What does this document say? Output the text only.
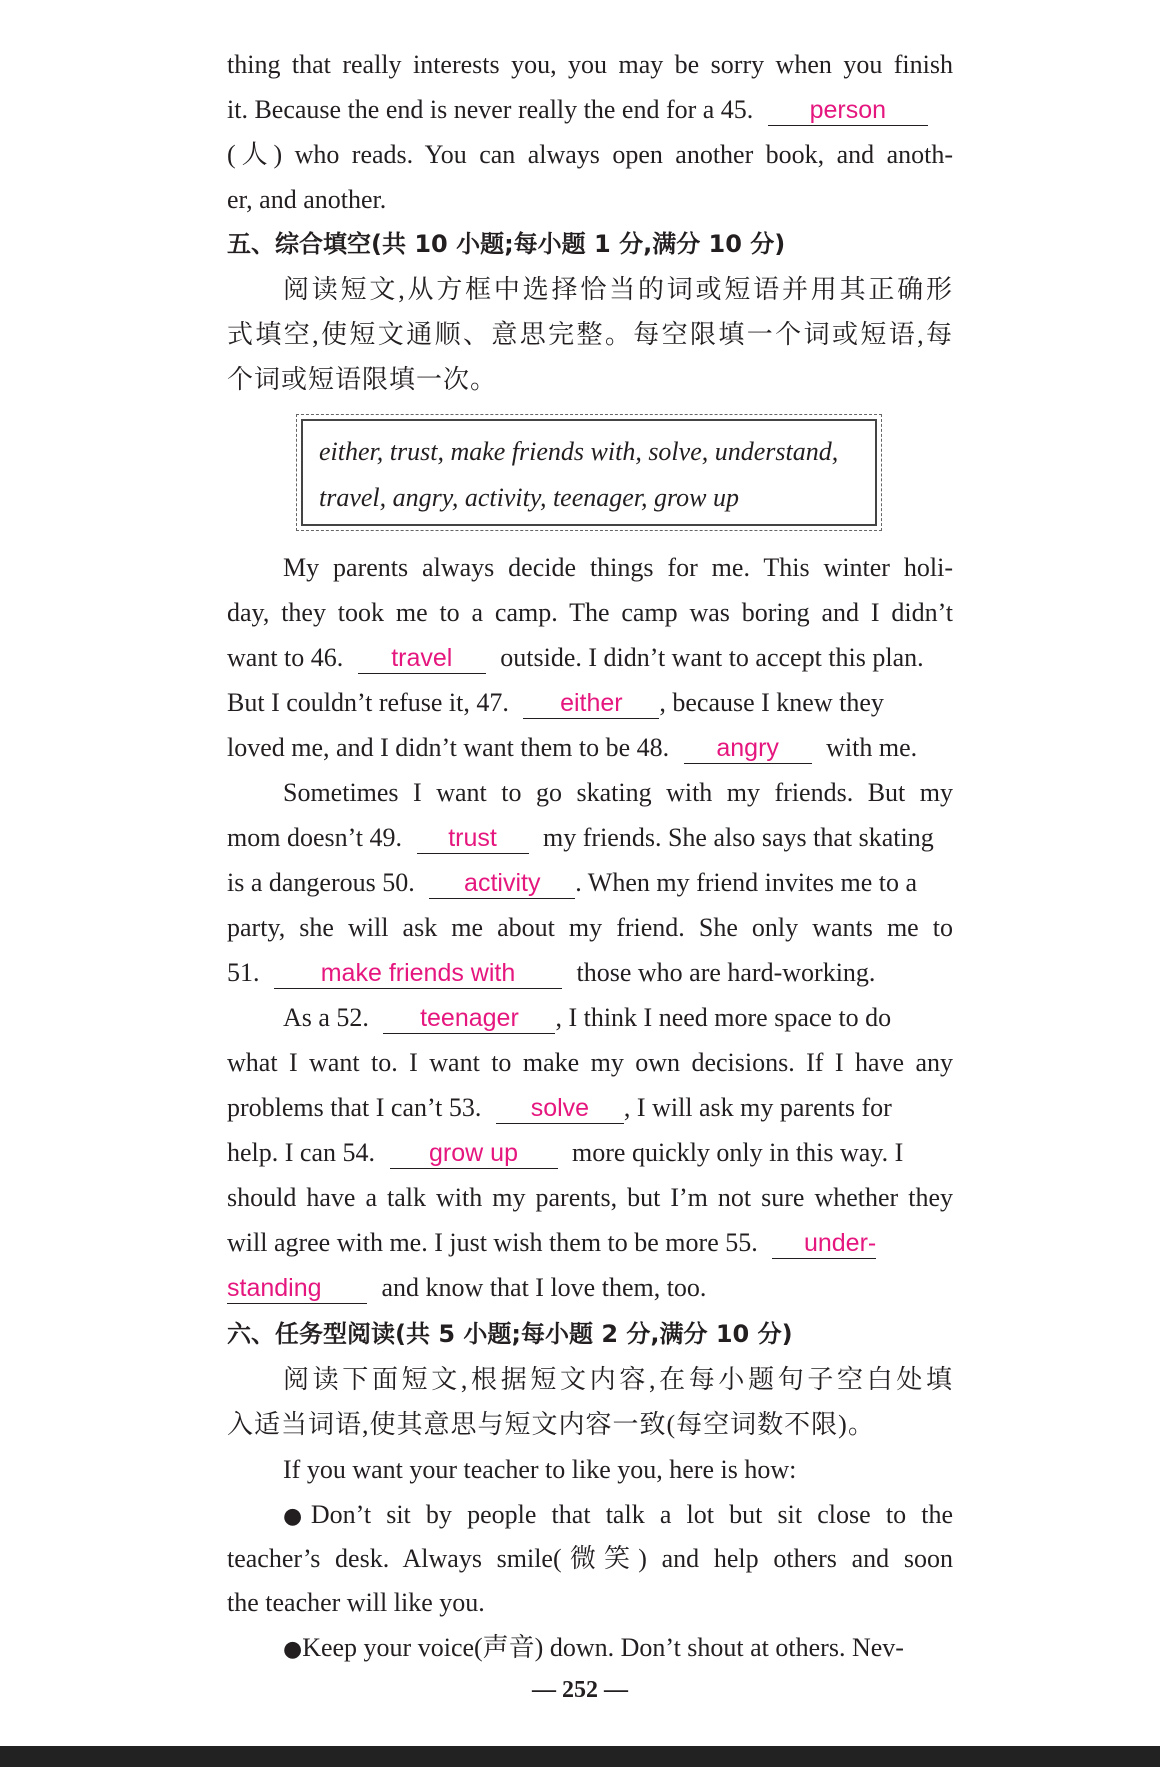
thing that really interests you, you may be sorry when you finish
it. Because the end is never really the end for a 45. person
(人) who reads. You can always open another book, and anoth-
er, and another.
五、综合填空(共 10 小题;每小题 1 分,满分 10 分)
阅读短文,从方框中选择恰当的词或短语并用其正确形
式填空,使短文通顺、意思完整。每空限填一个词或短语,每
个词或短语限填一次。
either, trust, make friends with, solve, understand,
travel, angry, activity, teenager, grow up
My parents always decide things for me. This winter holi-
day, they took me to a camp. The camp was boring and I didn’t
want to 46. travel outside. I didn’t want to accept this plan.
But I couldn’t refuse it, 47. either , because I knew they
loved me, and I didn’t want them to be 48. angry with me.
Sometimes I want to go skating with my friends. But my
mom doesn’t 49. trust my friends. She also says that skating
is a dangerous 50. activity . When my friend invites me to a
party, she will ask me about my friend. She only wants me to
51. make friends with those who are hard-working.
As a 52. teenager , I think I need more space to do
what I want to. I want to make my own decisions. If I have any
problems that I can’t 53. solve , I will ask my parents for
help. I can 54. grow up more quickly only in this way. I
should have a talk with my parents, but I’m not sure whether they
will agree with me. I just wish them to be more 55. under-
standing and know that I love them, too.
六、任务型阅读(共 5 小题;每小题 2 分,满分 10 分)
阅读下面短文,根据短文内容,在每小题句子空白处填
入适当词语,使其意思与短文内容一致(每空词数不限)。
If you want your teacher to like you, here is how:
●Don’t sit by people that talk a lot but sit close to the
teacher’s desk. Always smile(微笑) and help others and soon
the teacher will like you.
●Keep your voice(声音) down. Don’t shout at others. Nev-
— 252 —
